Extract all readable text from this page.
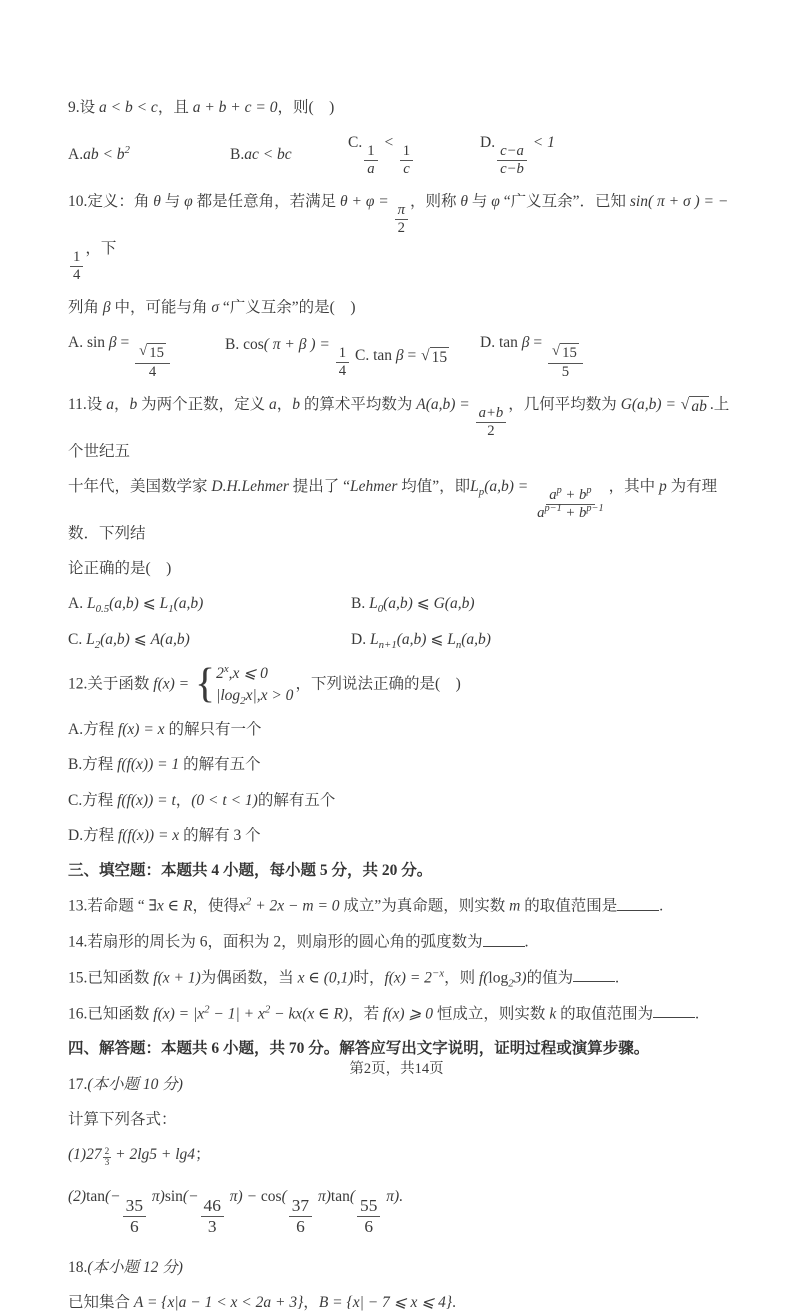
9.设 a < b < c，且 a + b + c = 0，则(　)
$A.ab < b^2$	B.ac < bc
C.
$\frac{1}{a}$
<
$\frac{1}{c}$
D.
$\frac{c-a}{c-b}$
< 1
10.定义：角 θ 与 φ 都是任意角，若满足 θ + φ =
$\frac{\pi}{2}$
，则称 θ 与 φ “广义互余”．已知 sin( π + σ ) = −
$\frac{1}{4}$
，下
列角 β 中，可能与角 σ “广义互余”的是(　)
A. sin β =
$\frac{√ 15}{4}$	B. cos( π + β ) =
$\frac{1}{4} C$. tan β = √ 15
D. tan β =
$\frac{√ 15}{5}$
11.设 a，b 为两个正数，定义 a，b 的算术平均数为 A(a,b) =
$\frac{a+b}{2}$
，几何平均数为 G(a,b) = √ ab .上个世纪五
十年代，美国数学家 D.H.Lehmer 提出了 “Lehmer 均值”，即$L_p(a,b)$ =
$\frac{a^p + b^p}{a^{p-1} + b^{p-1}}$
，其中 p 为有理数．下列结
论正确的是(　)
A. $L_{0.5}(a,b)$ ⩽ $L_1(a,b)$	B. $L_0(a,b)$ ⩽ G(a,b)
C. $L_2(a,b)$ ⩽ A(a,b)	D. $L_{n+1}(a,b)$ ⩽ $L_n(a,b)$
12.关于函数 f(x) = { 2$^x$,x ⩽ 0
$|\log_2x|,x > 0$
，下列说法正确的是(　)
A.方程 f(x) = x 的解只有一个
B.方程 f(f(x)) = 1 的解有五个
C.方程 f(f(x)) = t，(0 < t < 1)的解有五个
D.方程 f(f(x)) = x 的解有 3 个
三、填空题：本题共 4 小题，每小题 5 分，共 20 分。
13.若命题 “ ∃x ∈ R，使得$x^2 + 2x - m = 0$ 成立”为真命题，则实数 m 的取值范围是	.
14.若扇形的周长为 6，面积为 2，则扇形的圆心角的弧度数为	.
15.已知函数 f(x + 1)为偶函数，当 x ∈ (0,1)时，$f(x) = 2^{-x}$，则 $f(\log_23)$的值为	.
16.已知函数 $f(x) = |x^2 - 1| + x^2 - kx(x$ ∈ R)，若 f(x) ⩾ 0 恒成立，则实数 k 的取值范围为	.
四、解答题：本题共 6 小题，共 70 分。解答应写出文字说明，证明过程或演算步骤。
17.(本小题 10 分)
计算下列各式：
$(1)27 \frac{2}{3} + 2\lg 5 + \lg 4$；
$(2)\tan(- \frac{35}{6} \pi)\sin(- \frac{46}{3} \pi) - \cos( \frac{37}{6} \pi)\tan( \frac{55}{6} \pi)$.
18.(本小题 12 分)
已知集合 A = {x|a − 1 < x < 2a + 3}，B = {x| − 7 ⩽ x ⩽ 4}.
第2页，共14页
